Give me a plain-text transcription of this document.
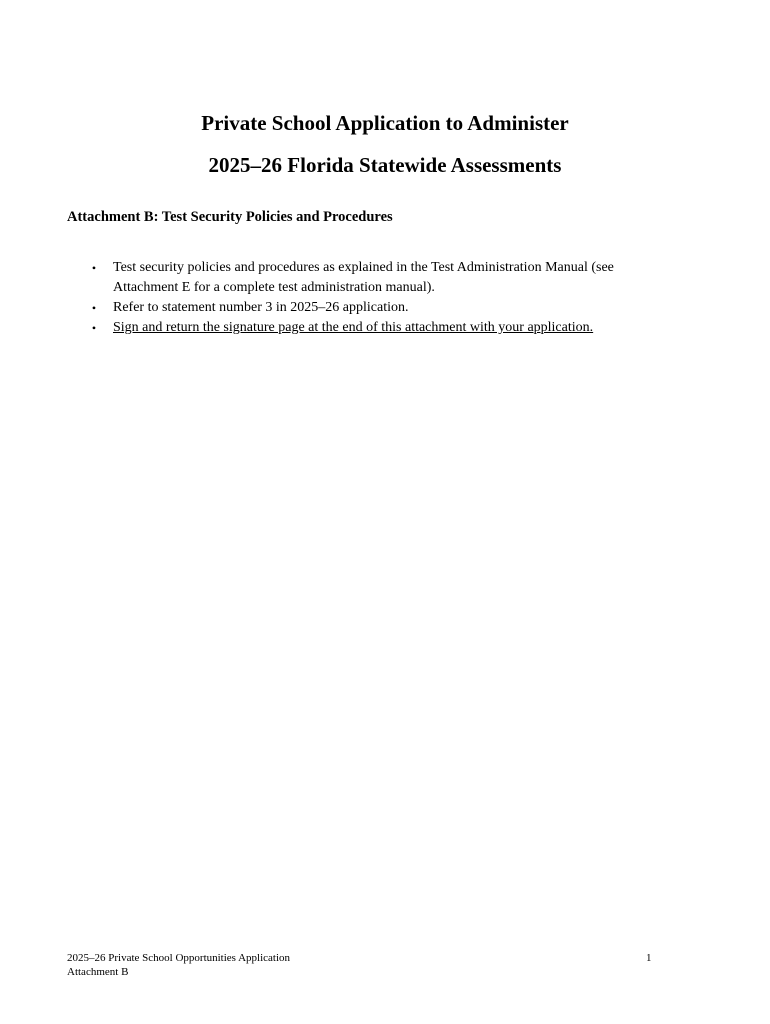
Private School Application to Administer
2025–26 Florida Statewide Assessments
Attachment B: Test Security Policies and Procedures
• Test security policies and procedures as explained in the Test Administration Manual (see Attachment E for a complete test administration manual).
• Refer to statement number 3 in 2025–26 application.
• Sign and return the signature page at the end of this attachment with your application.
2025–26 Private School Opportunities Application
Attachment B
1
